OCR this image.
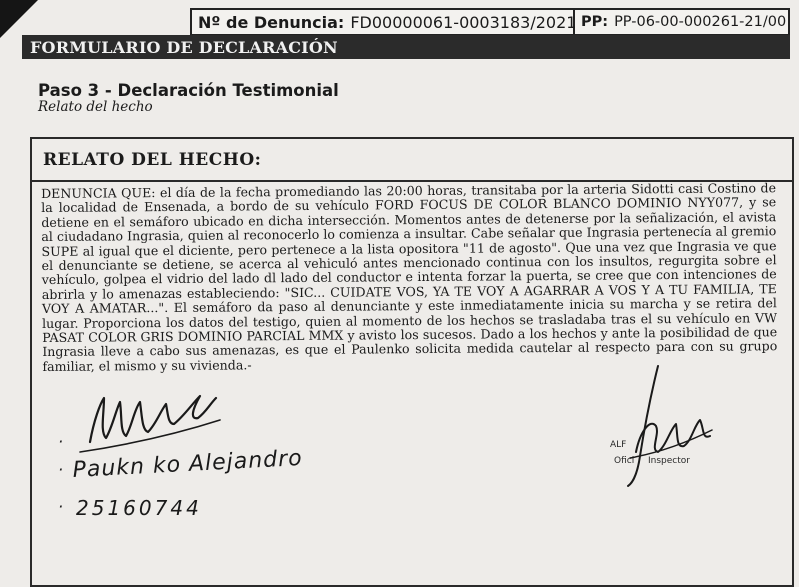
Nº de Denuncia: FD00000061-0003183/2021 PP: PP-06-00-000261-21/00
FORMULARIO DE DECLARACIÓN
Paso 3 - Declaración Testimonial
Relato del hecho
RELATO DEL HECHO:
DENUNCIA QUE: el día de la fecha promediando las 20:00 horas, transitaba por la arteria Sidotti casi Costino de la localidad de Ensenada, a bordo de su vehículo FORD FOCUS DE COLOR BLANCO DOMINIO NYY077, y se detiene en el semáforo ubicado en dicha intersección. Momentos antes de detenerse por la señalización, el avista al ciudadano Ingrasia, quien al reconocerlo lo comienza a insultar. Cabe señalar que Ingrasia pertenecía al gremio SUPE al igual que el diciente, pero pertenece a la lista opositora "11 de agosto". Que una vez que Ingrasia ve que el denunciante se detiene, se acerca al vehiculó antes mencionado continua con los insultos, regurgita sobre el vehículo, golpea el vidrio del lado dl lado del conductor e intenta forzar la puerta, se cree que con intenciones de abrirla y lo amenazas estableciendo: "SIC... CUIDATE VOS, YA TE VOY A AGARRAR A VOS Y A TU FAMILIA, TE VOY A AMATAR...". El semáforo da paso al denunciante y este inmediatamente inicia su marcha y se retira del lugar. Proporciona los datos del testigo, quien al momento de los hechos se trasladaba tras el su vehículo en VW PASAT COLOR GRIS DOMINIO PARCIAL MMX y avisto los sucesos. Dado a los hechos y ante la posibilidad de que Ingrasia lleve a cabo sus amenazas, es que el Paulenko solicita medida cautelar al respecto para con su grupo familiar, el mismo y su vivienda.-
·
·
·
Paukn ko Alejandro
25160744
ALF
Ofici Inspector
